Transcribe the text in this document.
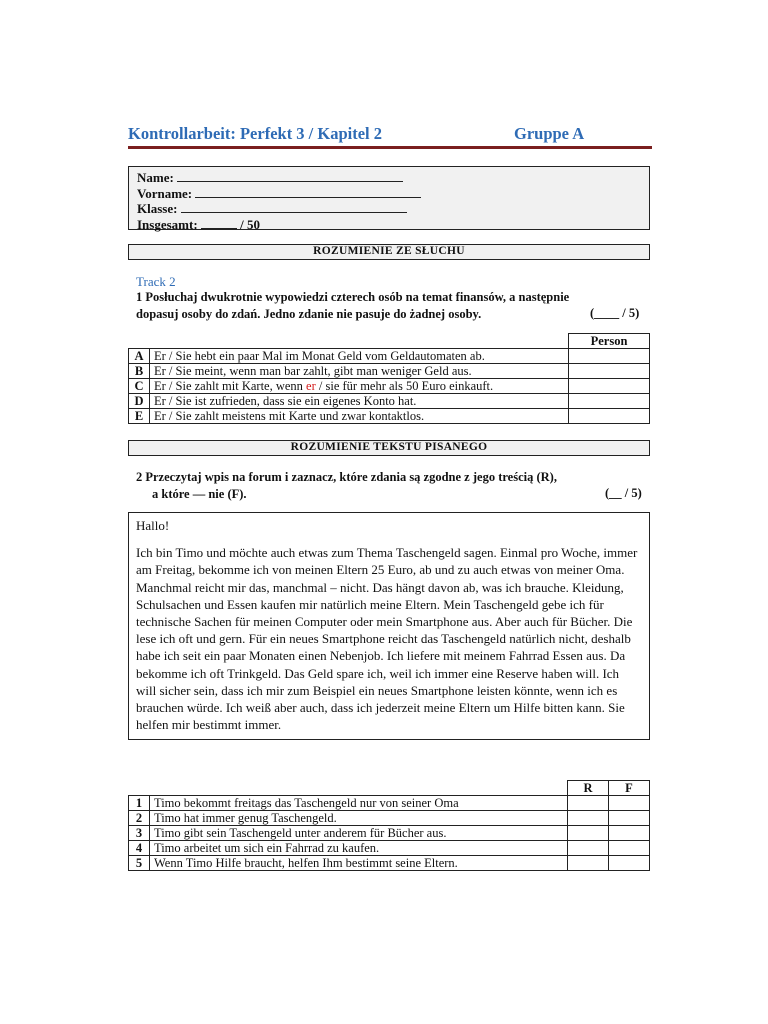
Kontrollarbeit: Perfekt 3 / Kapitel 2	Gruppe A
Name:
Vorname:
Klasse:
Insgesamt:	/ 50
ROZUMIENIE ZE SŁUCHU
Track 2
1 Posłuchaj dwukrotnie wypowiedzi czterech osób na temat finansów, a następnie
dopasuj osoby do zdań. Jedno zdanie nie pasuje do żadnej osoby.	(____ / 5)
		Person
A	Er / Sie hebt ein paar Mal im Monat Geld vom Geldautomaten ab.	
B	Er / Sie meint, wenn man bar zahlt, gibt man weniger Geld aus.	
C	Er / Sie zahlt mit Karte, wenn er / sie für mehr als 50 Euro einkauft.	
D	Er / Sie ist zufrieden, dass sie ein eigenes Konto hat.	
E	Er / Sie zahlt meistens mit Karte und zwar kontaktlos.	
ROZUMIENIE TEKSTU PISANEGO
2 Przeczytaj wpis na forum i zaznacz, które zdania są zgodne z jego treścią (R),
a które — nie (F).	(__ / 5)

Hallo!

Ich bin Timo und möchte auch etwas zum Thema Taschengeld sagen. Einmal pro Woche, immer am Freitag, bekomme ich von meinen Eltern 25 Euro, ab und zu auch etwas von meiner Oma. Manchmal reicht mir das, manchmal – nicht. Das hängt davon ab, was ich brauche. Kleidung, Schulsachen und Essen kaufen mir natürlich meine Eltern. Mein Taschengeld gebe ich für technische Sachen für meinen Computer oder mein Smartphone aus. Aber auch für Bücher. Die lese ich oft und gern. Für ein neues Smartphone reicht das Taschengeld natürlich nicht, deshalb habe ich seit ein paar Monaten einen Nebenjob. Ich liefere mit meinem Fahrrad Essen aus. Da bekomme ich oft Trinkgeld. Das Geld spare ich, weil ich immer eine Reserve haben will. Ich will sicher sein, dass ich mir zum Beispiel ein neues Smartphone leisten könnte, wenn ich es brauchen würde. Ich weiß aber auch, dass ich jederzeit meine Eltern um Hilfe bitten kann. Sie helfen mir bestimmt immer.

		R	F
1	Timo bekommt freitags das Taschengeld nur von seiner Oma		
2	Timo hat immer genug Taschengeld.		
3	Timo gibt sein Taschengeld unter anderem für Bücher aus.		
4	Timo arbeitet um sich ein Fahrrad zu kaufen.		
5	Wenn Timo Hilfe braucht, helfen Ihm bestimmt seine Eltern.		
